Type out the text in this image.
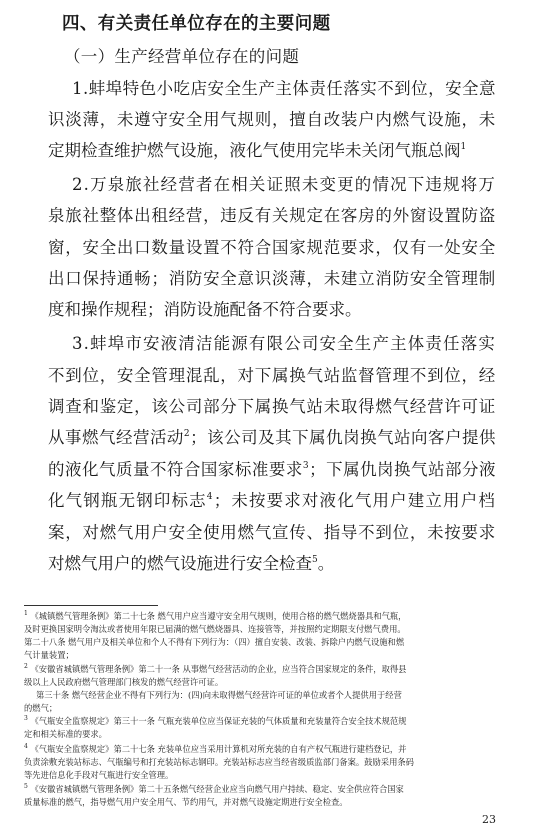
四、有关责任单位存在的主要问题
（一）生产经营单位存在的问题
1.蚌埠特色小吃店安全生产主体责任落实不到位，安全意
识淡薄，未遵守安全用气规则，擅自改装户内燃气设施，未
定期检查维护燃气设施，液化气使用完毕未关闭气瓶总阀$^1$
2.万泉旅社经营者在相关证照未变更的情况下违规将万
泉旅社整体出租经营，违反有关规定在客房的外窗设置防盗
窗，安全出口数量设置不符合国家规范要求，仅有一处安全
出口保持通畅；消防安全意识淡薄，未建立消防安全管理制
度和操作规程；消防设施配备不符合要求。
3.蚌埠市安液清洁能源有限公司安全生产主体责任落实
不到位，安全管理混乱，对下属换气站监督管理不到位，经
调查和鉴定，该公司部分下属换气站未取得燃气经营许可证
从事燃气经营活动$^2$；该公司及其下属仇岗换气站向客户提供
的液化气质量不符合国家标准要求$^3$；下属仇岗换气站部分液
化气钢瓶无钢印标志$^4$；未按要求对液化气用户建立用户档
案，对燃气用户安全使用燃气宣传、指导不到位，未按要求
对燃气用户的燃气设施进行安全检查$^5$。
$^1$ 《城镇燃气管理条例》第二十七条 燃气用户应当遵守安全用气规则，使用合格的燃气燃烧器具和气瓶，
及时更换国家明令淘汰或者使用年限已届满的燃气燃烧器具、连接管等，并按照约定期限支付燃气费用。
第二十八条 燃气用户及相关单位和个人不得有下列行为：（四）擅自安装、改装、拆除户内燃气设施和燃
气计量装置；
$^2$ 《安徽省城镇燃气管理条例》第二十一条 从事燃气经营活动的企业，应当符合国家规定的条件，取得县
级以上人民政府燃气管理部门核发的燃气经营许可证。
第三十条 燃气经营企业不得有下列行为：(四)向未取得燃气经营许可证的单位或者个人提供用于经营
的燃气；
$^3$ 《气瓶安全监察规定》第三十一条 气瓶充装单位应当保证充装的气体质量和充装量符合安全技术规范规
定和相关标准的要求。
$^4$ 《气瓶安全监察规定》第二十七条 充装单位应当采用计算机对所充装的自有产权气瓶进行建档登记，并
负责涂敷充装站标志、气瓶编号和打充装站标志钢印。充装站标志应当经省级质监部门备案。鼓励采用条码
等先进信息化手段对气瓶进行安全管理。
$^5$ 《安徽省城镇燃气管理条例》第二十五条燃气经营企业应当向燃气用户持续、稳定、安全供应符合国家
质量标准的燃气，指导燃气用户安全用气、节约用气，并对燃气设施定期进行安全检查。
23
